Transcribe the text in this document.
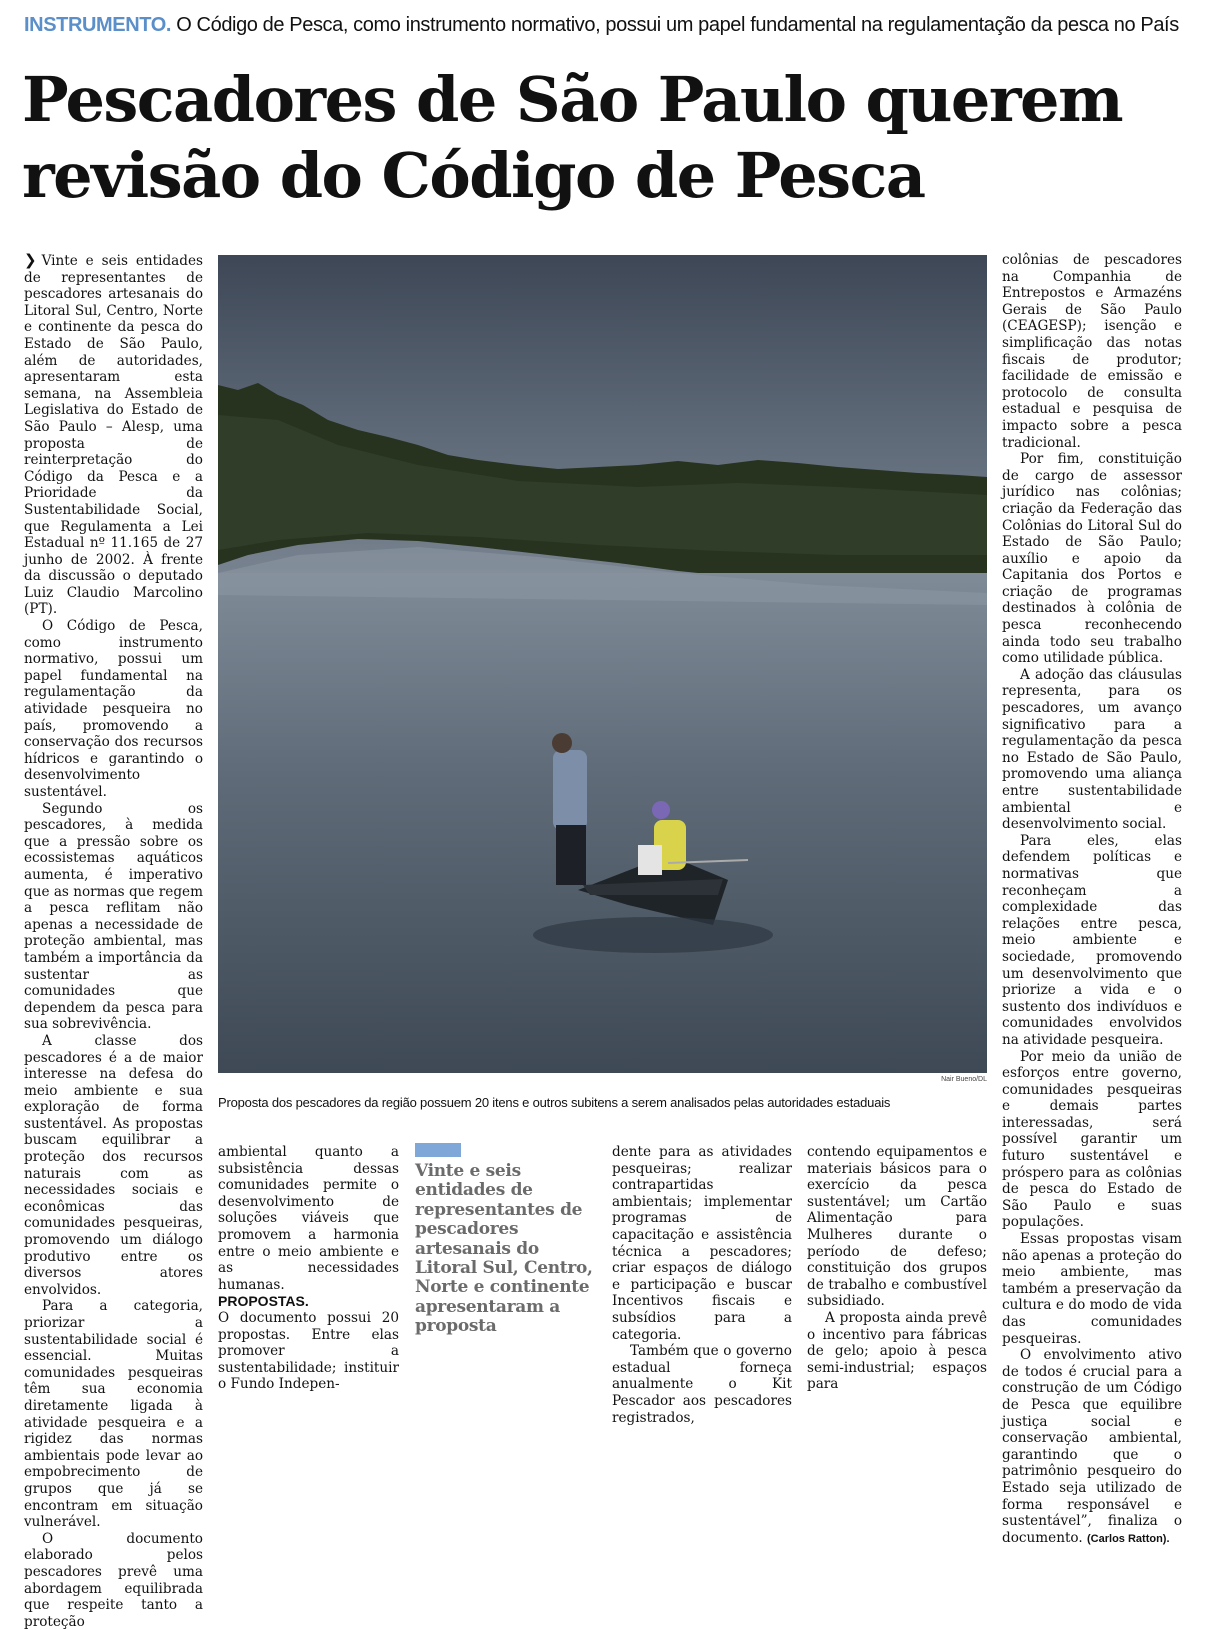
INSTRUMENTO. O Código de Pesca, como instrumento normativo, possui um papel fundamental na regulamentação da pesca no País
Pescadores de São Paulo querem revisão do Código de Pesca

❯ Vinte e seis entidades de representantes de pescadores artesanais do Litoral Sul, Centro, Norte e continente da pesca do Estado de São Paulo, além de autoridades, apresentaram esta semana, na Assembleia Legislativa do Estado de São Paulo – Alesp, uma proposta de reinterpretação do Código da Pesca e a Prioridade da Sustentabilidade Social, que Regulamenta a Lei Estadual nº 11.165 de 27 junho de 2002. À frente da discussão o deputado Luiz Claudio Marcolino (PT).

O Código de Pesca, como instrumento normativo, possui um papel fundamental na regulamentação da atividade pesqueira no país, promovendo a conservação dos recursos hídricos e garantindo o desenvolvimento sustentável.

Segundo os pescadores, à medida que a pressão sobre os ecossistemas aquáticos aumenta, é imperativo que as normas que regem a pesca reflitam não apenas a necessidade de proteção ambiental, mas também a importância da sustentar as comunidades que dependem da pesca para sua sobrevivência.

A classe dos pescadores é a de maior interesse na defesa do meio ambiente e sua exploração de forma sustentável. As propostas buscam equilibrar a proteção dos recursos naturais com as necessidades sociais e econômicas das comunidades pesqueiras, promovendo um diálogo produtivo entre os diversos atores envolvidos.

Para a categoria, priorizar a sustentabilidade social é essencial. Muitas comunidades pesqueiras têm sua economia diretamente ligada à atividade pesqueira e a rigidez das normas ambientais pode levar ao empobrecimento de grupos que já se encontram em situação vulnerável.

O documento elaborado pelos pescadores prevê uma abordagem equilibrada que respeite tanto a proteção

Nair Bueno/DL
Proposta dos pescadores da região possuem 20 itens e outros subitens a serem analisados pelas autoridades estaduais

ambiental quanto a subsistência dessas comunidades permite o desenvolvimento de soluções viáveis que promovem a harmonia entre o meio ambiente e as necessidades humanas.

PROPOSTAS.

O documento possui 20 propostas. Entre elas promover a sustentabilidade; instituir o Fundo Indepen-

Vinte e seis entidades de representantes de pescadores artesanais do Litoral Sul, Centro, Norte e continente apresentaram a proposta

dente para as atividades pesqueiras; realizar contrapartidas ambientais; implementar programas de capacitação e assistência técnica a pescadores; criar espaços de diálogo e participação e buscar Incentivos fiscais e subsídios para a categoria.

Também que o governo estadual forneça anualmente o Kit Pescador aos pescadores registrados,

contendo equipamentos e materiais básicos para o exercício da pesca sustentável; um Cartão Alimentação para Mulheres durante o período de defeso; constituição dos grupos de trabalho e combustível subsidiado.

A proposta ainda prevê o incentivo para fábricas de gelo; apoio à pesca semi-industrial; espaços para

colônias de pescadores na Companhia de Entrepostos e Armazéns Gerais de São Paulo (CEAGESP); isenção e simplificação das notas fiscais de produtor; facilidade de emissão e protocolo de consulta estadual e pesquisa de impacto sobre a pesca tradicional.

Por fim, constituição de cargo de assessor jurídico nas colônias; criação da Federação das Colônias do Litoral Sul do Estado de São Paulo; auxílio e apoio da Capitania dos Portos e criação de programas destinados à colônia de pesca reconhecendo ainda todo seu trabalho como utilidade pública.

A adoção das cláusulas representa, para os pescadores, um avanço significativo para a regulamentação da pesca no Estado de São Paulo, promovendo uma aliança entre sustentabilidade ambiental e desenvolvimento social.

Para eles, elas defendem políticas e normativas que reconheçam a complexidade das relações entre pesca, meio ambiente e sociedade, promovendo um desenvolvimento que priorize a vida e o sustento dos indivíduos e comunidades envolvidos na atividade pesqueira.

Por meio da união de esforços entre governo, comunidades pesqueiras e demais partes interessadas, será possível garantir um futuro sustentável e próspero para as colônias de pesca do Estado de São Paulo e suas populações.

Essas propostas visam não apenas a proteção do meio ambiente, mas também a preservação da cultura e do modo de vida das comunidades pesqueiras.

O envolvimento ativo de todos é crucial para a construção de um Código de Pesca que equilibre justiça social e conservação ambiental, garantindo que o patrimônio pesqueiro do Estado seja utilizado de forma responsável e sustentável”, finaliza o documento. (Carlos Ratton).
